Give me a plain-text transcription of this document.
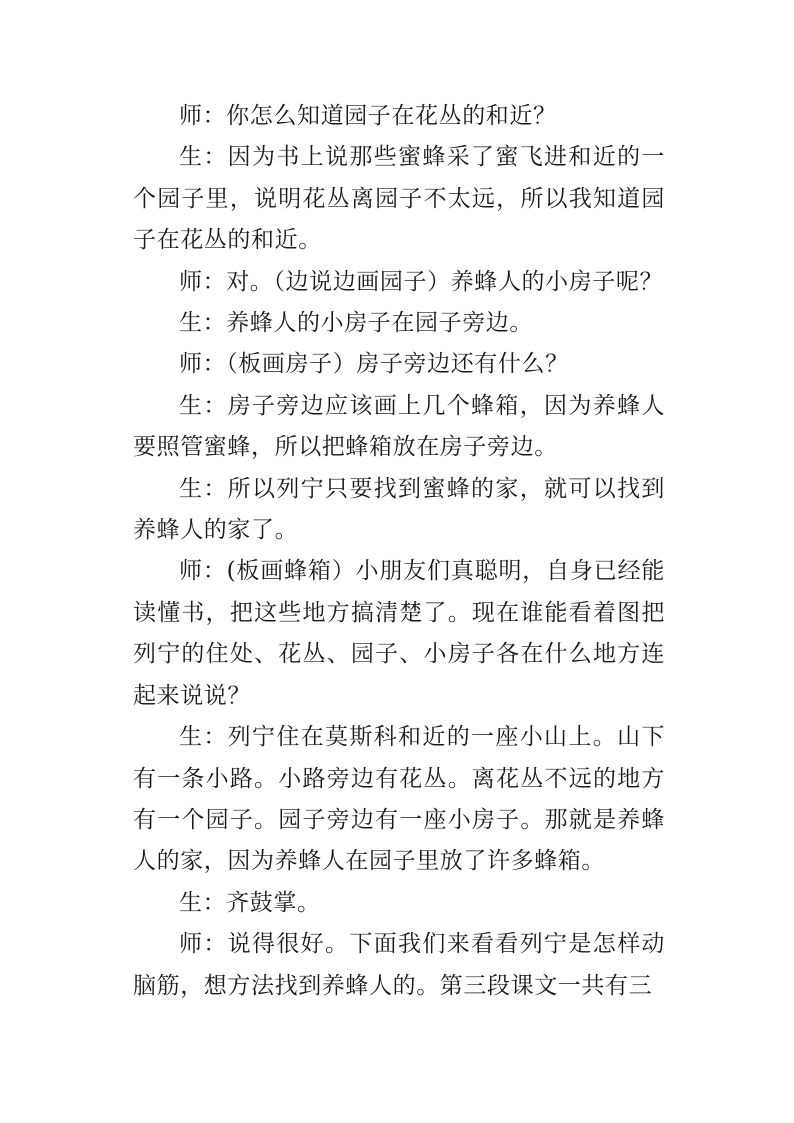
师：你怎么知道园子在花丛的和近？

生：因为书上说那些蜜蜂采了蜜飞进和近的一个园子里，说明花丛离园子不太远，所以我知道园子在花丛的和近。

师：对。（边说边画园子）养蜂人的小房子呢？

生：养蜂人的小房子在园子旁边。

师：（板画房子）房子旁边还有什么？

生：房子旁边应该画上几个蜂箱，因为养蜂人要照管蜜蜂，所以把蜂箱放在房子旁边。

生：所以列宁只要找到蜜蜂的家，就可以找到养蜂人的家了。

师：(板画蜂箱）小朋友们真聪明，自身已经能读懂书，把这些地方搞清楚了。现在谁能看着图把列宁的住处、花丛、园子、小房子各在什么地方连起来说说？

生：列宁住在莫斯科和近的一座小山上。山下有一条小路。小路旁边有花丛。离花丛不远的地方有一个园子。园子旁边有一座小房子。那就是养蜂人的家，因为养蜂人在园子里放了许多蜂箱。

生：齐鼓掌。

师：说得很好。下面我们来看看列宁是怎样动脑筋，想方法找到养蜂人的。第三段课文一共有三
